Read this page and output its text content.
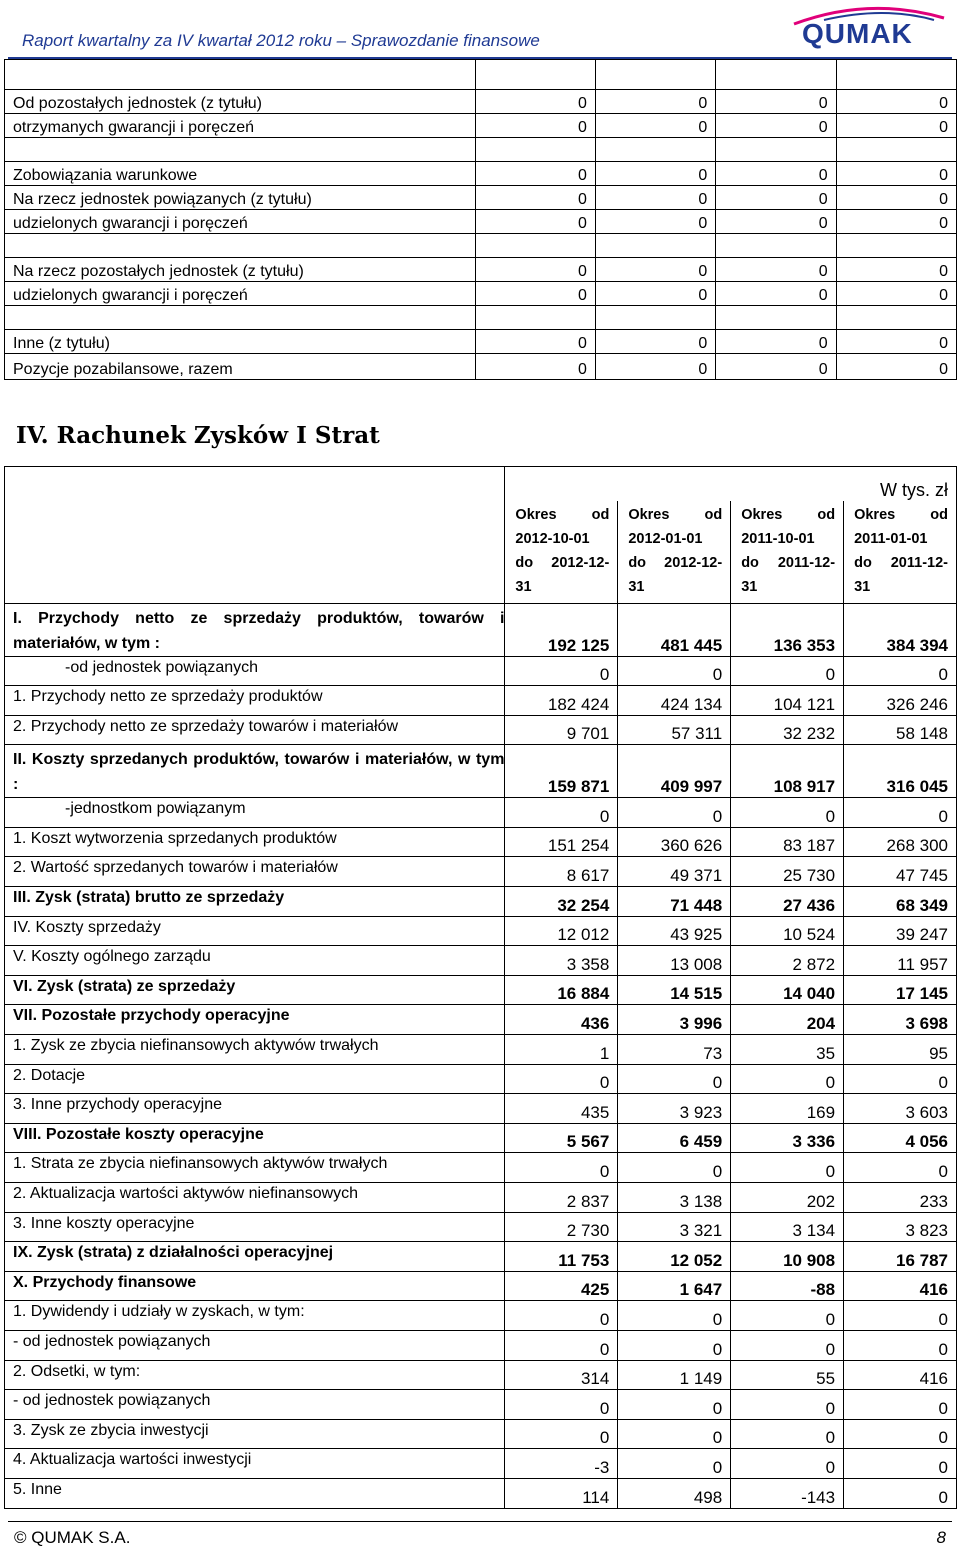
Raport kwartalny za IV kwartał 2012 roku – Sprawozdanie finansowe	QUMAK

Od pozostałych jednostek (z tytułu)	0	0	0	0
otrzymanych gwarancji i poręczeń	0	0	0	0

Zobowiązania warunkowe	0	0	0	0
Na rzecz jednostek powiązanych (z tytułu)	0	0	0	0
udzielonych gwarancji i poręczeń	0	0	0	0

Na rzecz pozostałych jednostek (z tytułu)	0	0	0	0
udzielonych gwarancji i poręczeń	0	0	0	0

Inne (z tytułu)	0	0	0	0
Pozycje pozabilansowe, razem	0	0	0	0
IV. Rachunek Zysków I Strat
	W tys. zł			
	Okres od 2012-10-01 do 2012-12-31	Okres od 2012-01-01 do 2012-12-31	Okres od 2011-10-01 do 2011-12-31	Okres od 2011-01-01 do 2011-12-31
I. Przychody netto ze sprzedaży produktów, towarów i materiałów, w tym :	192 125	481 445	136 353	384 394
-od jednostek powiązanych	0	0	0	0
1. Przychody netto ze sprzedaży produktów	182 424	424 134	104 121	326 246
2. Przychody netto ze sprzedaży towarów i materiałów	9 701	57 311	32 232	58 148
II. Koszty sprzedanych produktów, towarów i materiałów, w tym :	159 871	409 997	108 917	316 045
-jednostkom powiązanym	0	0	0	0
1. Koszt wytworzenia sprzedanych produktów	151 254	360 626	83 187	268 300
2. Wartość sprzedanych towarów i materiałów	8 617	49 371	25 730	47 745
III. Zysk (strata) brutto ze sprzedaży	32 254	71 448	27 436	68 349
IV. Koszty sprzedaży	12 012	43 925	10 524	39 247
V. Koszty ogólnego zarządu	3 358	13 008	2 872	11 957
VI. Zysk (strata) ze sprzedaży	16 884	14 515	14 040	17 145
VII. Pozostałe przychody operacyjne	436	3 996	204	3 698
1. Zysk ze zbycia niefinansowych aktywów trwałych	1	73	35	95
2. Dotacje	0	0	0	0
3. Inne przychody operacyjne	435	3 923	169	3 603
VIII. Pozostałe koszty operacyjne	5 567	6 459	3 336	4 056
1. Strata ze zbycia niefinansowych aktywów trwałych	0	0	0	0
2. Aktualizacja wartości aktywów niefinansowych	2 837	3 138	202	233
3. Inne koszty operacyjne	2 730	3 321	3 134	3 823
IX. Zysk (strata) z działalności operacyjnej	11 753	12 052	10 908	16 787
X. Przychody finansowe	425	1 647	-88	416
1. Dywidendy i udziały w zyskach, w tym:	0	0	0	0
- od jednostek powiązanych	0	0	0	0
2. Odsetki, w tym:	314	1 149	55	416
- od jednostek powiązanych	0	0	0	0
3. Zysk ze zbycia inwestycji	0	0	0	0
4. Aktualizacja wartości inwestycji	-3	0	0	0
5. Inne	114	498	-143	0
© QUMAK S.A.	8
